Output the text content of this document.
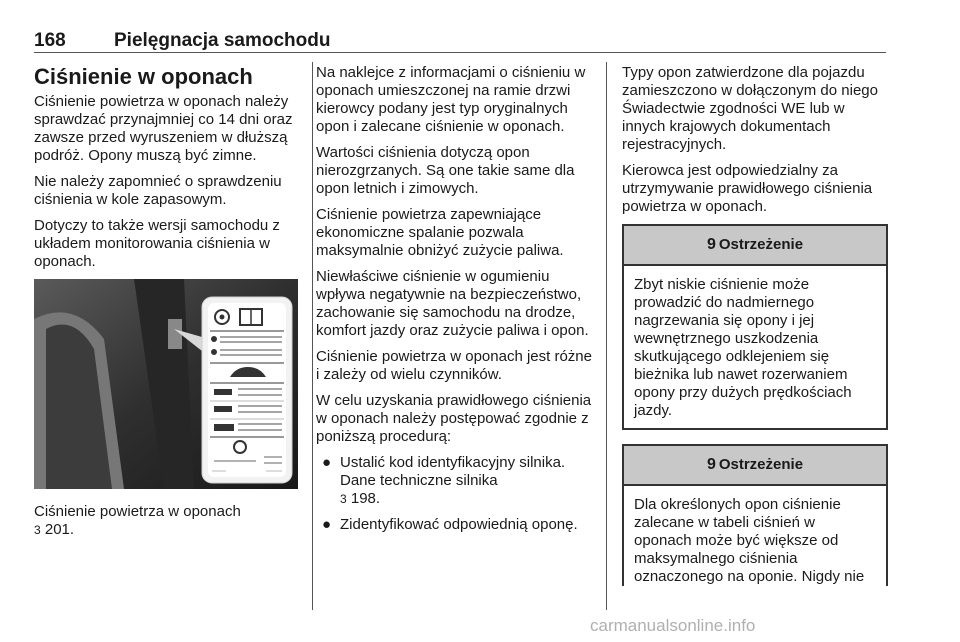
168	Pielęgnacja samochodu
Ciśnienie w oponach

Ciśnienie powietrza w oponach należy sprawdzać przynajmniej co 14 dni oraz zawsze przed wyruszeniem w dłuższą podróż. Opony muszą być zimne.

Nie należy zapomnieć o sprawdzeniu ciśnienia w kole zapasowym.

Dotyczy to także wersji samochodu z układem monitorowania ciśnienia w oponach.

Ciśnienie powietrza w oponach
3 201.

Na naklejce z informacjami o ciśnieniu w oponach umieszczonej na ramie drzwi kierowcy podany jest typ oryginalnych opon i zalecane ciśnienie w oponach.

Wartości ciśnienia dotyczą opon nierozgrzanych. Są one takie same dla opon letnich i zimowych.

Ciśnienie powietrza zapewniające ekonomiczne spalanie pozwala maksymalnie obniżyć zużycie paliwa.

Niewłaściwe ciśnienie w ogumieniu wpływa negatywnie na bezpieczeństwo, zachowanie się samochodu na drodze, komfort jazdy oraz zużycie paliwa i opon.

Ciśnienie powietrza w oponach jest różne i zależy od wielu czynników.

W celu uzyskania prawidłowego ciśnienia w oponach należy postępować zgodnie z poniższą procedurą:

● Ustalić kod identyfikacyjny silnika. Dane techniczne silnika
3 198.
● Zidentyfikować odpowiednią oponę.

Typy opon zatwierdzone dla pojazdu zamieszczono w dołączonym do niego Świadectwie zgodności WE lub w innych krajowych dokumentach rejestracyjnych.

Kierowca jest odpowiedzialny za utrzymywanie prawidłowego ciśnienia powietrza w oponach.

9 Ostrzeżenie
Zbyt niskie ciśnienie może prowadzić do nadmiernego nagrzewania się opony i jej wewnętrznego uszkodzenia skutkującego odklejeniem się bieżnika lub nawet rozerwaniem opony przy dużych prędkościach jazdy.
9 Ostrzeżenie
Dla określonych opon ciśnienie zalecane w tabeli ciśnień w oponach może być większe od maksymalnego ciśnienia oznaczonego na oponie. Nigdy nie
carmanualsonline.info
